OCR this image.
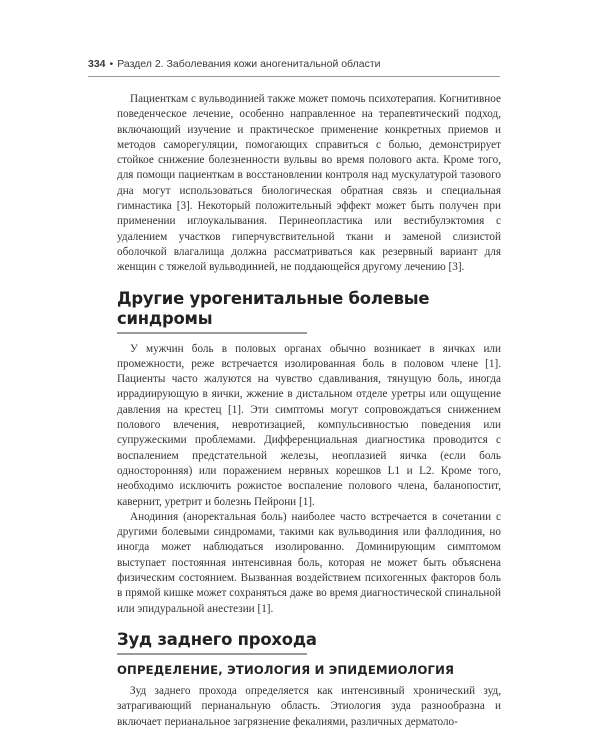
334 • Раздел 2. Заболевания кожи аногенитальной области

Пациенткам с вульводинией также может помочь психотерапия. Когнитивное поведенческое лечение, особенно направленное на терапевтический подход, включающий изучение и практическое применение конкретных приемов и методов саморегуляции, помогающих справиться с болью, демонстрирует стойкое снижение болезненности вульвы во время полового акта. Кроме того, для помощи пациенткам в восстановлении контроля над мускулатурой тазового дна могут использоваться биологическая обратная связь и специальная гимнастика [3]. Некоторый положительный эффект может быть получен при применении иглоукалывания. Перинеопластика или вестибулэктомия с удалением участков гиперчувствительной ткани и заменой слизистой оболочкой влагалища должна рассматриваться как резервный вариант для женщин с тяжелой вульводинией, не поддающейся другому лечению [3].

Другие урогенитальные болевые синдромы

У мужчин боль в половых органах обычно возникает в яичках или промежности, реже встречается изолированная боль в половом члене [1]. Пациенты часто жалуются на чувство сдавливания, тянущую боль, иногда иррадиирующую в яички, жжение в дистальном отделе уретры или ощущение давления на крестец [1]. Эти симптомы могут сопровождаться снижением полового влечения, невротизацией, компульсивностью поведения или супружескими проблемами. Дифференциальная диагностика проводится с воспалением предстательной железы, неоплазией яичка (если боль односторонняя) или поражением нервных корешков L1 и L2. Кроме того, необходимо исключить рожистое воспаление полового члена, баланопостит, кавернит, уретрит и болезнь Пейрони [1].

Анодиния (аноректальная боль) наиболее часто встречается в сочетании с другими болевыми синдромами, такими как вульводиния или фаллодиния, но иногда может наблюдаться изолированно. Доминирующим симптомом выступает постоянная интенсивная боль, которая не может быть объяснена физическим состоянием. Вызванная воздействием психогенных факторов боль в прямой кишке может сохраняться даже во время диагностической спинальной или эпидуральной анестезии [1].

Зуд заднего прохода
ОПРЕДЕЛЕНИЕ, ЭТИОЛОГИЯ И ЭПИДЕМИОЛОГИЯ

Зуд заднего прохода определяется как интенсивный хронический зуд, затрагивающий перианальную область. Этиология зуда разнообразна и включает перианальное загрязнение фекалиями, различных дерматоло-
